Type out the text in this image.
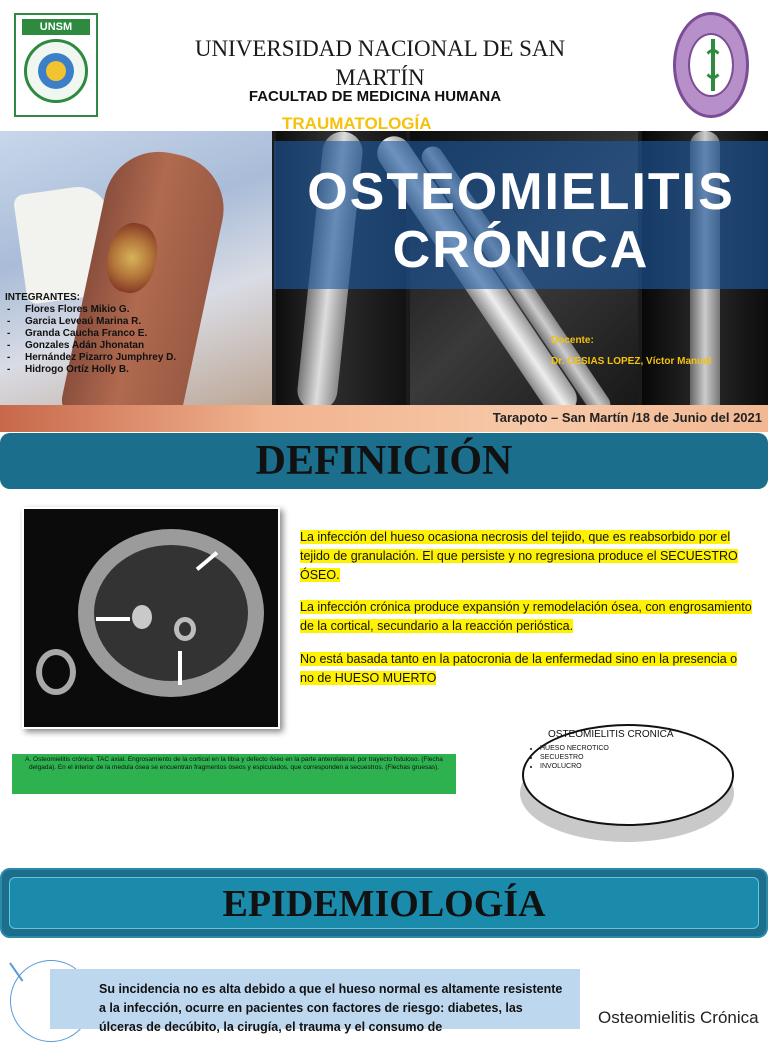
UNSM
UNIVERSIDAD NACIONAL DE SAN MARTÍN
FACULTAD DE MEDICINA HUMANA
TRAUMATOLOGÍA
OSTEOMIELITIS CRÓNICA
INTEGRANTES:
- Flores Flores Mikio G.
- Garcia Leveaú Marina R.
- Granda Caucha Franco E.
- Gonzales Adán Jhonatan
- Hernández Pizarro Jumphrey D.
- Hidrogo Ortíz Holly B.
Docente:
Dr. CESIAS LOPEZ, Víctor Manuel
Tarapoto – San Martín /18 de Junio del 2021
DEFINICIÓN
A. Osteomielitis crónica. TAC axial. Engrosamiento de la cortical en la tibia y defecto óseo en la parte anterolateral, por trayecto fistuloso. (Flecha delgada). En el interior de la medula ósea se encuentran fragmentos óseos y espiculados, que corresponden a secuestros. (Flechas gruesas).
La infección del hueso ocasiona necrosis del tejido, que es reabsorbido por el tejido de granulación. El que persiste y no regresiona produce el SECUESTRO ÓSEO.
La infección crónica produce expansión y remodelación ósea, con engrosamiento de la cortical, secundario a la reacción perióstica.
No está basada tanto en la patocronia de la enfermedad sino en la presencia o no de HUESO MUERTO
OSTEOMIELITIS CRONICA
• HUESO NECROTICO
• SECUESTRO
• INVOLUCRO
EPIDEMIOLOGÍA
Su incidencia no es alta debido a que el hueso normal es altamente resistente a la infección, ocurre en pacientes con factores de riesgo: diabetes, las úlceras de decúbito, la cirugía, el trauma y el consumo de	Osteomielitis Crónica
